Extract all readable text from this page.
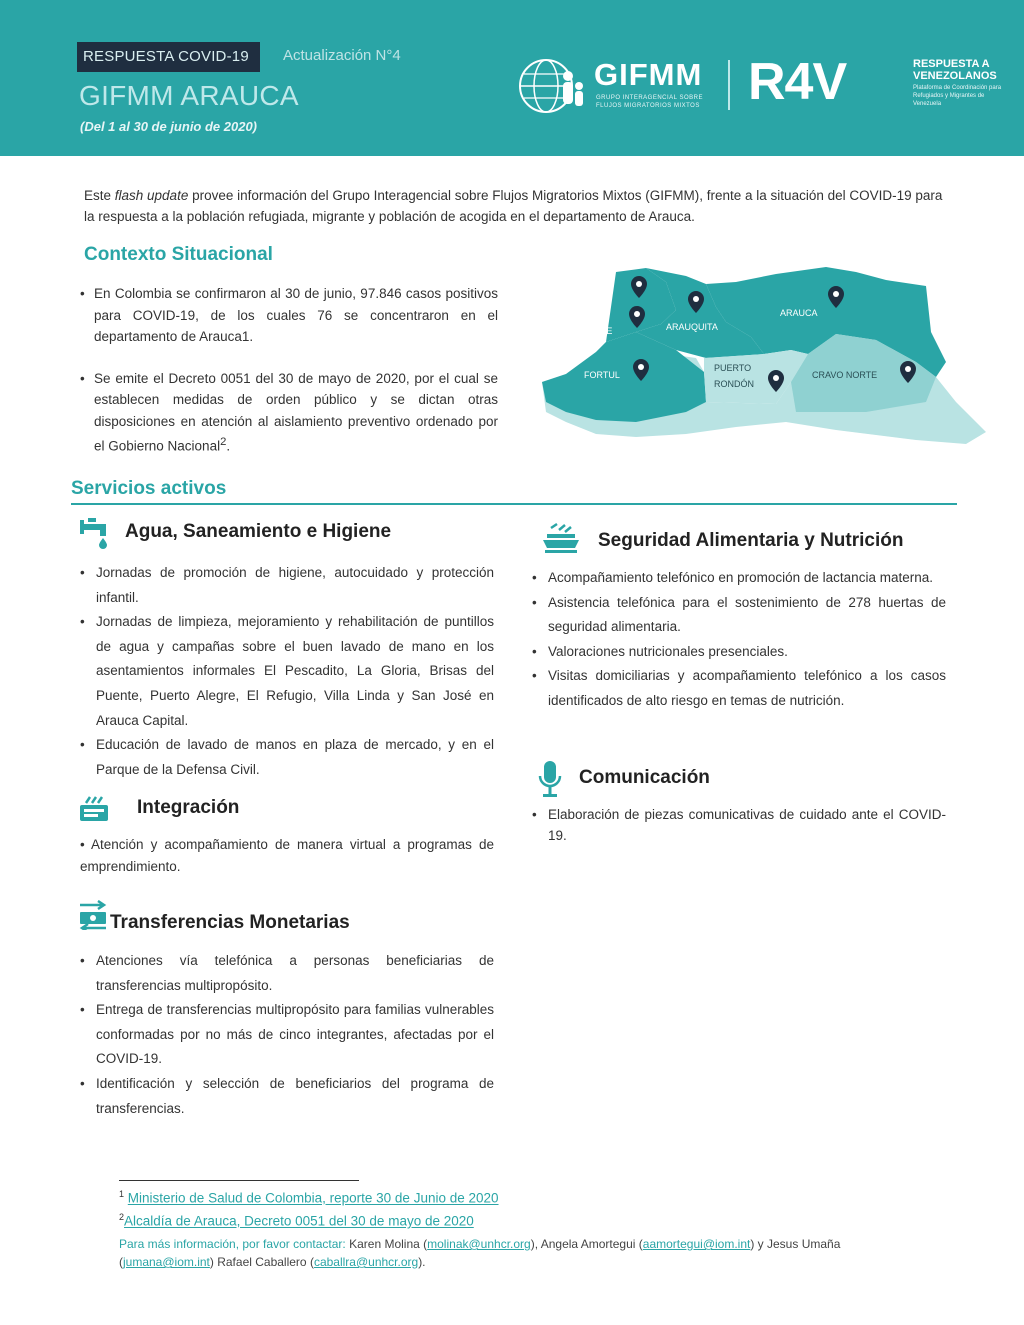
RESPUESTA COVID-19	Actualización N°4
GIFMM ARAUCA
(Del 1 al 30 de junio de 2020)
GIFMM
GRUPO INTERAGENCIAL SOBRE FLUJOS MIGRATORIOS MIXTOS R4V	RESPUESTA A VENEZOLANOS
Plataforma de Coordinación para Refugiados y Migrantes de Venezuela
Este flash update provee información del Grupo Interagencial sobre Flujos Migratorios Mixtos (GIFMM), frente a la situación del COVID-19 para la respuesta a la población refugiada, migrante y población de acogida en el departamento de Arauca.
Contexto Situacional

• En Colombia se confirmaron al 30 de junio, 97.846 casos positivos para COVID-19, de los cuales 76 se concentraron en el departamento de Arauca1.

• Se emite el Decreto 0051 del 30 de mayo de 2020, por el cual se establecen medidas de orden público y se dictan otras disposiciones en atención al aislamiento preventivo ordenado por el Gobierno Nacional$^2$.

SARAVENA
TAME	ARAUQUITA
ARAUCA
FORTUL
PUERTO
RONDÓN
CRAVO NORTE
Servicios activos
Agua, Saneamiento e Higiene
• Jornadas de promoción de higiene, autocuidado y protección infantil.
• Jornadas de limpieza, mejoramiento y rehabilitación de puntillos de agua y campañas sobre el buen lavado de mano en los asentamientos informales El Pescadito, La Gloria, Brisas del Puente, Puerto Alegre, El Refugio, Villa Linda y San José en Arauca Capital.
• Educación de lavado de manos en plaza de mercado, y en el Parque de la Defensa Civil.
Integración
• Atención y acompañamiento de manera virtual a programas de emprendimiento.
Transferencias Monetarias
• Atenciones vía telefónica a personas beneficiarias de transferencias multipropósito.
• Entrega de transferencias multipropósito para familias vulnerables conformadas por no más de cinco integrantes, afectadas por el COVID-19.
• Identificación y selección de beneficiarios del programa de transferencias.
Seguridad Alimentaria y Nutrición
• Acompañamiento telefónico en promoción de lactancia materna.
• Asistencia telefónica para el sostenimiento de 278 huertas de seguridad alimentaria.
• Valoraciones nutricionales presenciales.
• Visitas domiciliarias y acompañamiento telefónico a los casos identificados de alto riesgo en temas de nutrición.
Comunicación
• Elaboración de piezas comunicativas de cuidado ante el COVID-19.
$^1$ Ministerio de Salud de Colombia, reporte 30 de Junio de 2020
$^2$Alcaldía de Arauca, Decreto 0051 del 30 de mayo de 2020
Para más información, por favor contactar: Karen Molina (molinak@unhcr.org), Angela Amortegui (aamortegui@iom.int) y Jesus Umaña (jumana@iom.int) Rafael Caballero (caballra@unhcr.org).
